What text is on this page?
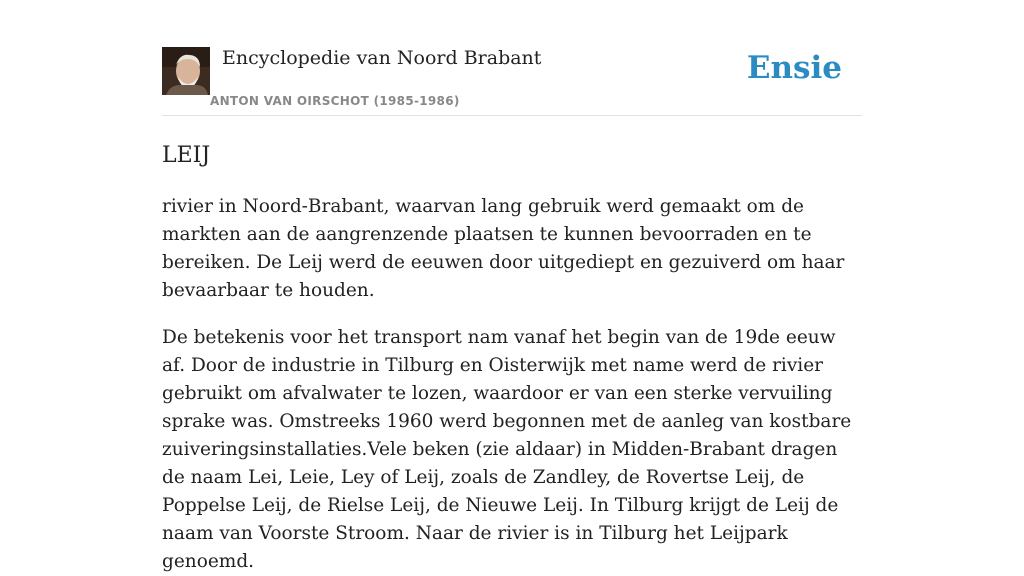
Encyclopedie van Noord Brabant
ANTON VAN OIRSCHOT (1985-1986)
Ensie
LEIJ

rivier in Noord-Brabant, waarvan lang gebruik werd gemaakt om de markten aan de aangrenzende plaatsen te kunnen bevoorraden en te bereiken. De Leij werd de eeuwen door uitgediept en gezuiverd om haar bevaarbaar te houden.

De betekenis voor het transport nam vanaf het begin van de 19de eeuw af. Door de industrie in Tilburg en Oisterwijk met name werd de rivier gebruikt om afvalwater te lozen, waardoor er van een sterke vervuiling sprake was. Omstreeks 1960 werd begonnen met de aanleg van kostbare zuiveringsinstallaties.Vele beken (zie aldaar) in Midden-Brabant dragen de naam Lei, Leie, Ley of Leij, zoals de Zandley, de Rovertse Leij, de Poppelse Leij, de Rielse Leij, de Nieuwe Leij. In Tilburg krijgt de Leij de naam van Voorste Stroom. Naar de rivier is in Tilburg het Leijpark genoemd.
